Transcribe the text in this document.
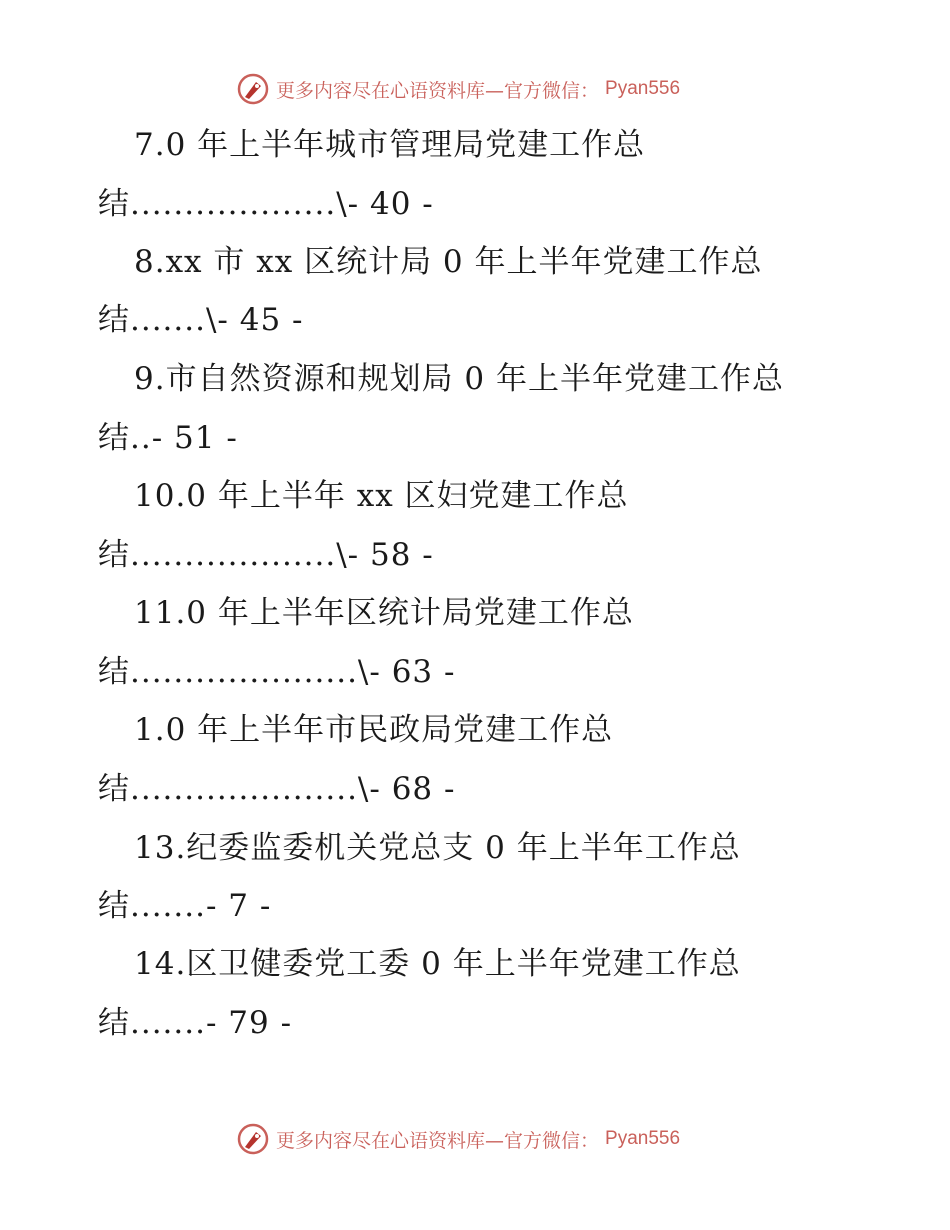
更多内容尽在心语资料库—官方微信： Pyan556
7.0 年上半年城市管理局党建工作总
结...................\- 40 -
8.xx 市 xx 区统计局 0 年上半年党建工作总
结.......\- 45 -
9.市自然资源和规划局 0 年上半年党建工作总
结..- 51 -
10.0 年上半年 xx 区妇党建工作总
结...................\- 58 -
11.0 年上半年区统计局党建工作总
结.....................\- 63 -
1.0 年上半年市民政局党建工作总
结.....................\- 68 -
13.纪委监委机关党总支 0 年上半年工作总
结.......- 7 -
14.区卫健委党工委 0 年上半年党建工作总
结.......- 79 -
更多内容尽在心语资料库—官方微信： Pyan556
